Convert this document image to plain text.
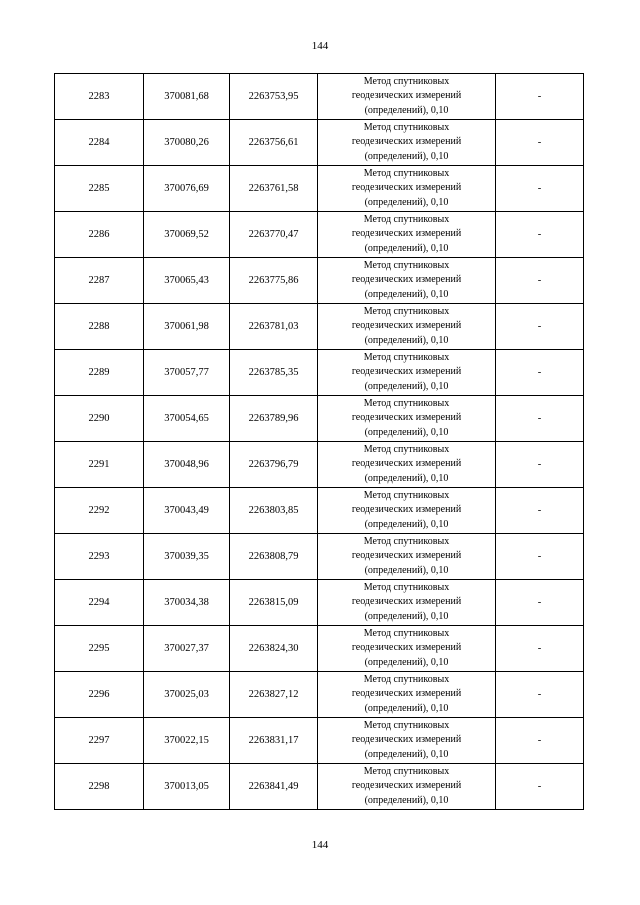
144
2283	370081,68	2263753,95	Метод спутниковых
геодезических измерений
(определений), 0,10	-
2284	370080,26	2263756,61	Метод спутниковых
геодезических измерений
(определений), 0,10	-
2285	370076,69	2263761,58	Метод спутниковых
геодезических измерений
(определений), 0,10	-
2286	370069,52	2263770,47	Метод спутниковых
геодезических измерений
(определений), 0,10	-
2287	370065,43	2263775,86	Метод спутниковых
геодезических измерений
(определений), 0,10	-
2288	370061,98	2263781,03	Метод спутниковых
геодезических измерений
(определений), 0,10	-
2289	370057,77	2263785,35	Метод спутниковых
геодезических измерений
(определений), 0,10	-
2290	370054,65	2263789,96	Метод спутниковых
геодезических измерений
(определений), 0,10	-
2291	370048,96	2263796,79	Метод спутниковых
геодезических измерений
(определений), 0,10	-
2292	370043,49	2263803,85	Метод спутниковых
геодезических измерений
(определений), 0,10	-
2293	370039,35	2263808,79	Метод спутниковых
геодезических измерений
(определений), 0,10	-
2294	370034,38	2263815,09	Метод спутниковых
геодезических измерений
(определений), 0,10	-
2295	370027,37	2263824,30	Метод спутниковых
геодезических измерений
(определений), 0,10	-
2296	370025,03	2263827,12	Метод спутниковых
геодезических измерений
(определений), 0,10	-
2297	370022,15	2263831,17	Метод спутниковых
геодезических измерений
(определений), 0,10	-
2298	370013,05	2263841,49	Метод спутниковых
геодезических измерений
(определений), 0,10	-
144
